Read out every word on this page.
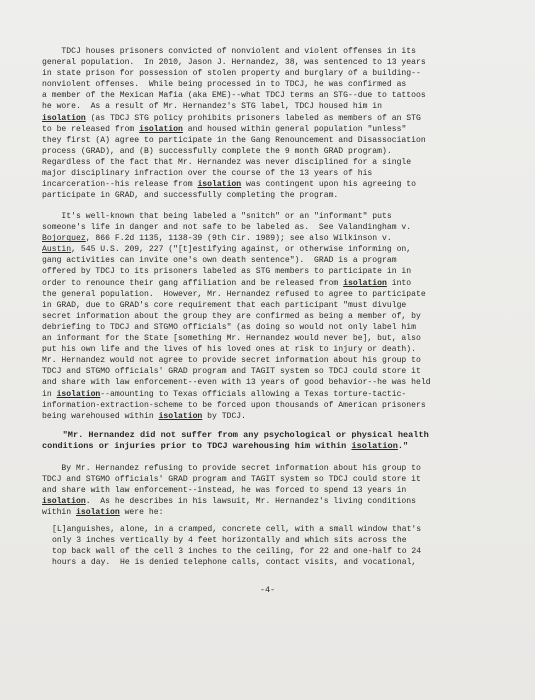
TDCJ houses prisoners convicted of nonviolent and violent offenses in its
general population.  In 2010, Jason J. Hernandez, 38, was sentenced to 13 years
in state prison for possession of stolen property and burglary of a building--
nonviolent offenses.  While being processed in to TDCJ, he was confirmed as
a member of the Mexican Mafia (aka EME)--what TDCJ terms an STG--due to tattoos
he wore.  As a result of Mr. Hernandez's STG label, TDCJ housed him in
isolation (as TDCJ STG policy prohibits prisoners labeled as members of an STG
to be released from isolation and housed within general population "unless"
they first (A) agree to participate in the Gang Renouncement and Disassociation
process (GRAD), and (B) successfully complete the 9 month GRAD program).
Regardless of the fact that Mr. Hernandez was never disciplined for a single
major disciplinary infraction over the course of the 13 years of his
incarceration--his release from isolation was contingent upon his agreeing to
participate in GRAD, and successfully completing the program.
It's well-known that being labeled a "snitch" or an "informant" puts
someone's life in danger and not safe to be labeled as.  See Valandingham v.
Bojorquez, 866 F.2d 1135, 1138-39 (9th Cir. 1989); see also Wilkinson v.
Austin, 545 U.S. 209, 227 ("[t]estifying against, or otherwise informing on,
gang activities can invite one's own death sentence").  GRAD is a program
offered by TDCJ to its prisoners labeled as STG members to participate in in
order to renounce their gang affiliation and be released from isolation into
the general population.  However, Mr. Hernandez refused to agree to participate
in GRAD, due to GRAD's core requirement that each participant "must divulge
secret information about the group they are confirmed as being a member of, by
debriefing to TDCJ and STGMO officials" (as doing so would not only label him
an informant for the State [something Mr. Hernandez would never be], but, also
put his own life and the lives of his loved ones at risk to injury or death).
Mr. Hernandez would not agree to provide secret information about his group to
TDCJ and STGMO officials' GRAD program and TAGIT system so TDCJ could store it
and share with law enforcement--even with 13 years of good behavior--he was held
in isolation--amounting to Texas officials allowing a Texas torture-tactic-
information-extraction-scheme to be forced upon thousands of American prisoners
being warehoused within isolation by TDCJ.
"Mr. Hernandez did not suffer from any psychological or physical health
conditions or injuries prior to TDCJ warehousing him within isolation."
By Mr. Hernandez refusing to provide secret information about his group to
TDCJ and STGMO officials' GRAD program and TAGIT system so TDCJ could store it
and share with law enforcement--instead, he was forced to spend 13 years in
isolation.  As he describes in his lawsuit, Mr. Hernandez's living conditions
within isolation were he:
[L]anguishes, alone, in a cramped, concrete cell, with a small window that's
only 3 inches vertically by 4 feet horizontally and which sits across the
top back wall of the cell 3 inches to the ceiling, for 22 and one-half to 24
hours a day.  He is denied telephone calls, contact visits, and vocational,
-4-
